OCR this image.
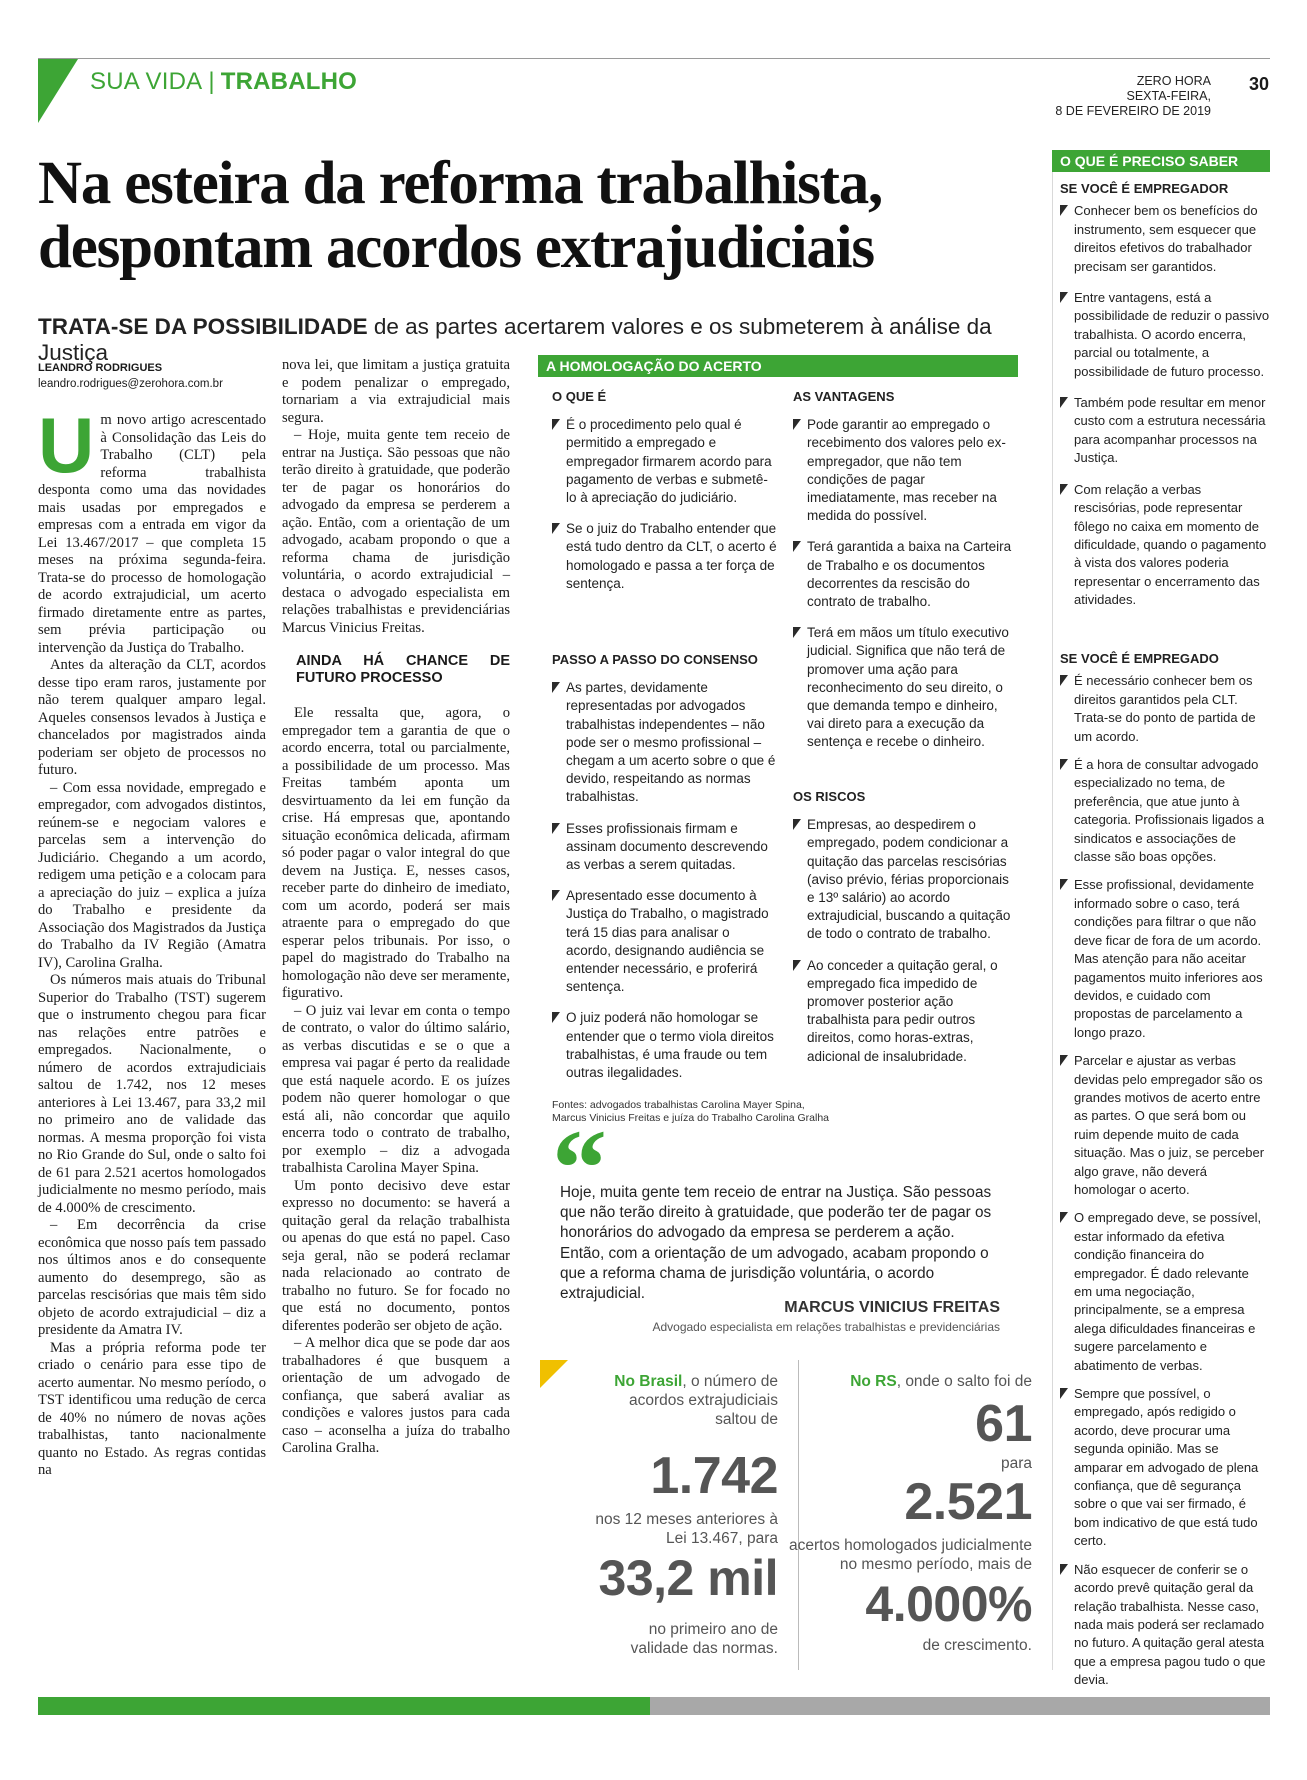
SUA VIDA | TRABALHO	ZERO HORA
SEXTA-FEIRA,
8 DE FEVEREIRO DE 2019
30
Na esteira da reforma trabalhista,
despontam acordos extrajudiciais
TRATA-SE DA POSSIBILIDADE de as partes acertarem valores e os submeterem à análise da Justiça
LEANDRO RODRIGUES
leandro.rodrigues@zerohora.com.br
U m novo artigo acrescentado à Consolidação das Leis do Trabalho (CLT) pela reforma trabalhista desponta como uma das novidades mais usadas por empregados e empresas com a entrada em vigor da Lei 13.467/2017 – que completa 15 meses na próxima segunda-feira. Trata-se do processo de homologação de acordo extrajudicial, um acerto firmado diretamente entre as partes, sem prévia participação ou intervenção da Justiça do Trabalho.

Antes da alteração da CLT, acordos desse tipo eram raros, justamente por não terem qualquer amparo legal. Aqueles consensos levados à Justiça e chancelados por magistrados ainda poderiam ser objeto de processos no futuro.

– Com essa novidade, empregado e empregador, com advogados distintos, reúnem-se e negociam valores e parcelas sem a intervenção do Judiciário. Chegando a um acordo, redigem uma petição e a colocam para a apreciação do juiz – explica a juíza do Trabalho e presidente da Associação dos Magistrados da Justiça do Trabalho da IV Região (Amatra IV), Carolina Gralha.

Os números mais atuais do Tribunal Superior do Trabalho (TST) sugerem que o instrumento chegou para ficar nas relações entre patrões e empregados. Nacionalmente, o número de acordos extrajudiciais saltou de 1.742, nos 12 meses anteriores à Lei 13.467, para 33,2 mil no primeiro ano de validade das normas. A mesma proporção foi vista no Rio Grande do Sul, onde o salto foi de 61 para 2.521 acertos homologados judicialmente no mesmo período, mais de 4.000% de crescimento.

– Em decorrência da crise econômica que nosso país tem passado nos últimos anos e do consequente aumento do desemprego, são as parcelas rescisórias que mais têm sido objeto de acordo extrajudicial – diz a presidente da Amatra IV.

Mas a própria reforma pode ter criado o cenário para esse tipo de acerto aumentar. No mesmo período, o TST identificou uma redução de cerca de 40% no número de novas ações trabalhistas, tanto nacionalmente quanto no Estado. As regras contidas na

nova lei, que limitam a justiça gratuita e podem penalizar o empregado, tornariam a via extrajudicial mais segura.

– Hoje, muita gente tem receio de entrar na Justiça. São pessoas que não terão direito à gratuidade, que poderão ter de pagar os honorários do advogado da empresa se perderem a ação. Então, com a orientação de um advogado, acabam propondo o que a reforma chama de jurisdição voluntária, o acordo extrajudicial – destaca o advogado especialista em relações trabalhistas e previdenciárias Marcus Vinicius Freitas.

AINDA HÁ CHANCE DE FUTURO PROCESSO

Ele ressalta que, agora, o empregador tem a garantia de que o acordo encerra, total ou parcialmente, a possibilidade de um processo. Mas Freitas também aponta um desvirtuamento da lei em função da crise. Há empresas que, apontando situação econômica delicada, afirmam só poder pagar o valor integral do que devem na Justiça. E, nesses casos, receber parte do dinheiro de imediato, com um acordo, poderá ser mais atraente para o empregado do que esperar pelos tribunais. Por isso, o papel do magistrado do Trabalho na homologação não deve ser meramente, figurativo.

– O juiz vai levar em conta o tempo de contrato, o valor do último salário, as verbas discutidas e se o que a empresa vai pagar é perto da realidade que está naquele acordo. E os juízes podem não querer homologar o que está ali, não concordar que aquilo encerra todo o contrato de trabalho, por exemplo – diz a advogada trabalhista Carolina Mayer Spina.

Um ponto decisivo deve estar expresso no documento: se haverá a quitação geral da relação trabalhista ou apenas do que está no papel. Caso seja geral, não se poderá reclamar nada relacionado ao contrato de trabalho no futuro. Se for focado no que está no documento, pontos diferentes poderão ser objeto de ação.

– A melhor dica que se pode dar aos trabalhadores é que busquem a orientação de um advogado de confiança, que saberá avaliar as condições e valores justos para cada caso – aconselha a juíza do trabalho Carolina Gralha.

A HOMOLOGAÇÃO DO ACERTO
O QUE É
É o procedimento pelo qual é permitido a empregado e empregador firmarem acordo para pagamento de verbas e submetê-lo à apreciação do judiciário.
Se o juiz do Trabalho entender que está tudo dentro da CLT, o acerto é homologado e passa a ter força de sentença.
PASSO A PASSO DO CONSENSO
As partes, devidamente representadas por advogados trabalhistas independentes – não pode ser o mesmo profissional – chegam a um acerto sobre o que é devido, respeitando as normas trabalhistas.
Esses profissionais firmam e assinam documento descrevendo as verbas a serem quitadas.
Apresentado esse documento à Justiça do Trabalho, o magistrado terá 15 dias para analisar o acordo, designando audiência se entender necessário, e proferirá sentença.
O juiz poderá não homologar se entender que o termo viola direitos trabalhistas, é uma fraude ou tem outras ilegalidades.
AS VANTAGENS
Pode garantir ao empregado o recebimento dos valores pelo ex-empregador, que não tem condições de pagar imediatamente, mas receber na medida do possível.
Terá garantida a baixa na Carteira de Trabalho e os documentos decorrentes da rescisão do contrato de trabalho.
Terá em mãos um título executivo judicial. Significa que não terá de promover uma ação para reconhecimento do seu direito, o que demanda tempo e dinheiro, vai direto para a execução da sentença e recebe o dinheiro.
OS RISCOS
Empresas, ao despedirem o empregado, podem condicionar a quitação das parcelas rescisórias (aviso prévio, férias proporcionais e 13º salário) ao acordo extrajudicial, buscando a quitação de todo o contrato de trabalho.
Ao conceder a quitação geral, o empregado fica impedido de promover posterior ação trabalhista para pedir outros direitos, como horas-extras, adicional de insalubridade.
Fontes: advogados trabalhistas Carolina Mayer Spina,
Marcus Vinicius Freitas e juíza do Trabalho Carolina Gralha
“
Hoje, muita gente tem receio de entrar na Justiça. São pessoas que não terão direito à gratuidade, que poderão ter de pagar os honorários do advogado da empresa se perderem a ação. Então, com a orientação de um advogado, acabam propondo o que a reforma chama de jurisdição voluntária, o acordo extrajudicial.
MARCUS VINICIUS FREITAS
Advogado especialista em relações trabalhistas e previdenciárias
No Brasil, o número de
acordos extrajudiciais
saltou de
1.742
nos 12 meses anteriores à
Lei 13.467, para
33,2 mil
no primeiro ano de
validade das normas.
No RS, onde o salto foi de
61
para
2.521
acertos homologados judicialmente
no mesmo período, mais de
4.000%
de crescimento.
O QUE É PRECISO SABER
SE VOCÊ É EMPREGADOR
Conhecer bem os benefícios do instrumento, sem esquecer que direitos efetivos do trabalhador precisam ser garantidos.
Entre vantagens, está a possibilidade de reduzir o passivo trabalhista. O acordo encerra, parcial ou totalmente, a possibilidade de futuro processo.
Também pode resultar em menor custo com a estrutura necessária para acompanhar processos na Justiça.
Com relação a verbas rescisórias, pode representar fôlego no caixa em momento de dificuldade, quando o pagamento à vista dos valores poderia representar o encerramento das atividades.
SE VOCÊ É EMPREGADO
É necessário conhecer bem os direitos garantidos pela CLT. Trata-se do ponto de partida de um acordo.
É a hora de consultar advogado especializado no tema, de preferência, que atue junto à categoria. Profissionais ligados a sindicatos e associações de classe são boas opções.
Esse profissional, devidamente informado sobre o caso, terá condições para filtrar o que não deve ficar de fora de um acordo. Mas atenção para não aceitar pagamentos muito inferiores aos devidos, e cuidado com propostas de parcelamento a longo prazo.
Parcelar e ajustar as verbas devidas pelo empregador são os grandes motivos de acerto entre as partes. O que será bom ou ruim depende muito de cada situação. Mas o juiz, se perceber algo grave, não deverá homologar o acerto.
O empregado deve, se possível, estar informado da efetiva condição financeira do empregador. É dado relevante em uma negociação, principalmente, se a empresa alega dificuldades financeiras e sugere parcelamento e abatimento de verbas.
Sempre que possível, o empregado, após redigido o acordo, deve procurar uma segunda opinião. Mas se amparar em advogado de plena confiança, que dê segurança sobre o que vai ser firmado, é bom indicativo de que está tudo certo.
Não esquecer de conferir se o acordo prevê quitação geral da relação trabalhista. Nesse caso, nada mais poderá ser reclamado no futuro. A quitação geral atesta que a empresa pagou tudo o que devia.
